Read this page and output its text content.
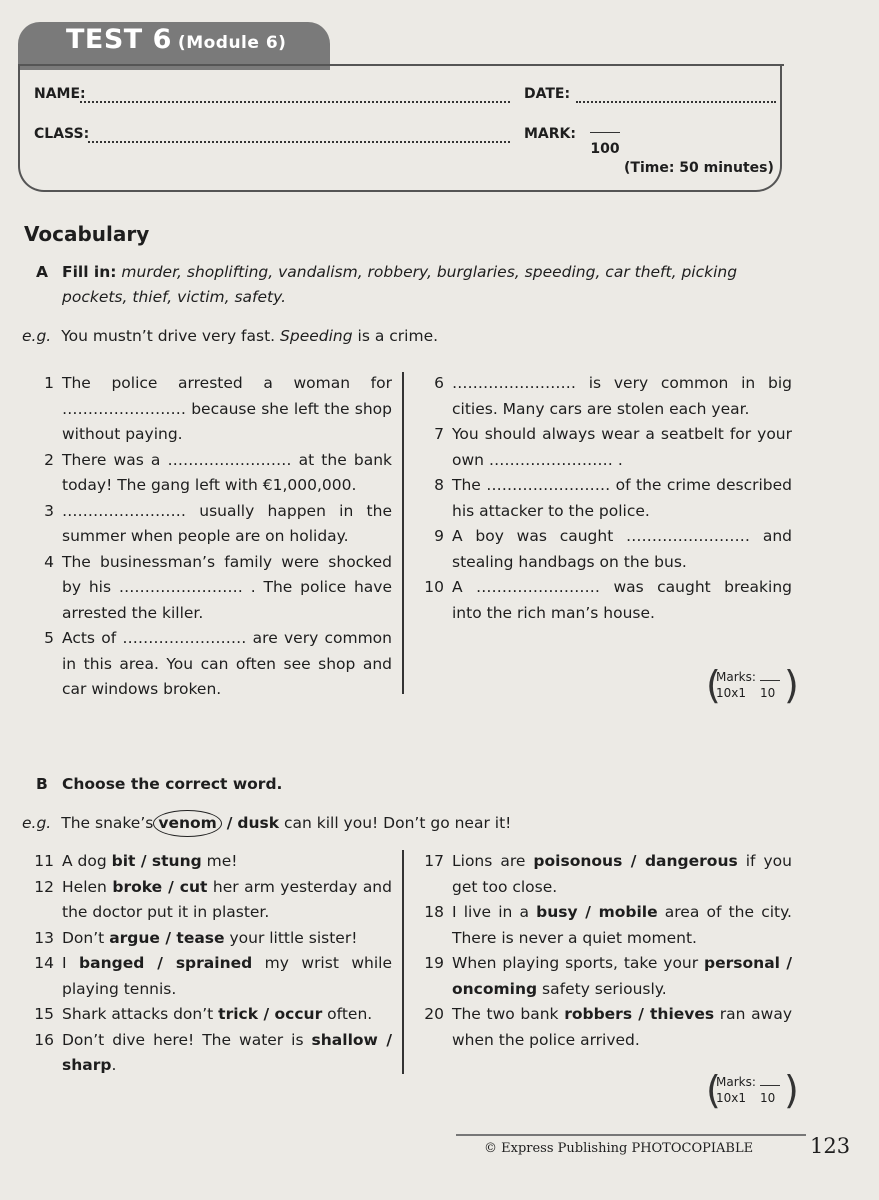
TEST 6 (Module 6)
NAME:	DATE:
CLASS:	MARK:
100
(Time: 50 minutes)
Vocabulary
A Fill in: murder, shoplifting, vandalism, robbery, burglaries, speeding, car theft, picking pockets, thief, victim, safety.
e.g. You mustn’t drive very fast. Speeding is a crime.
1 The police arrested a woman for …………………… because she left the shop without paying.
2 There was a …………………… at the bank today! The gang left with €1,000,000.
3 …………………… usually happen in the summer when people are on holiday.
4 The businessman’s family were shocked by his …………………… . The police have arrested the killer.
5 Acts of …………………… are very common in this area. You can often see shop and car windows broken.
6 …………………… is very common in big cities. Many cars are stolen each year.
7 You should always wear a seatbelt for your own …………………… .
8 The …………………… of the crime described his attacker to the police.
9 A boy was caught …………………… and stealing handbags on the bus.
10 A …………………… was caught breaking into the rich man’s house.
(
Marks:
10x1 10 )
B Choose the correct word.
e.g. The snake’s venom / dusk can kill you! Don’t go near it!
11 A dog bit / stung me!
12 Helen broke / cut her arm yesterday and the doctor put it in plaster.
13 Don’t argue / tease your little sister!
14 I banged / sprained my wrist while playing tennis.
15 Shark attacks don’t trick / occur often.
16 Don’t dive here! The water is shallow / sharp.
17 Lions are poisonous / dangerous if you get too close.
18 I live in a busy / mobile area of the city. There is never a quiet moment.
19 When playing sports, take your personal / oncoming safety seriously.
20 The two bank robbers / thieves ran away when the police arrived.
(
Marks:
10x1 10 )
© Express Publishing PHOTOCOPIABLE	123
